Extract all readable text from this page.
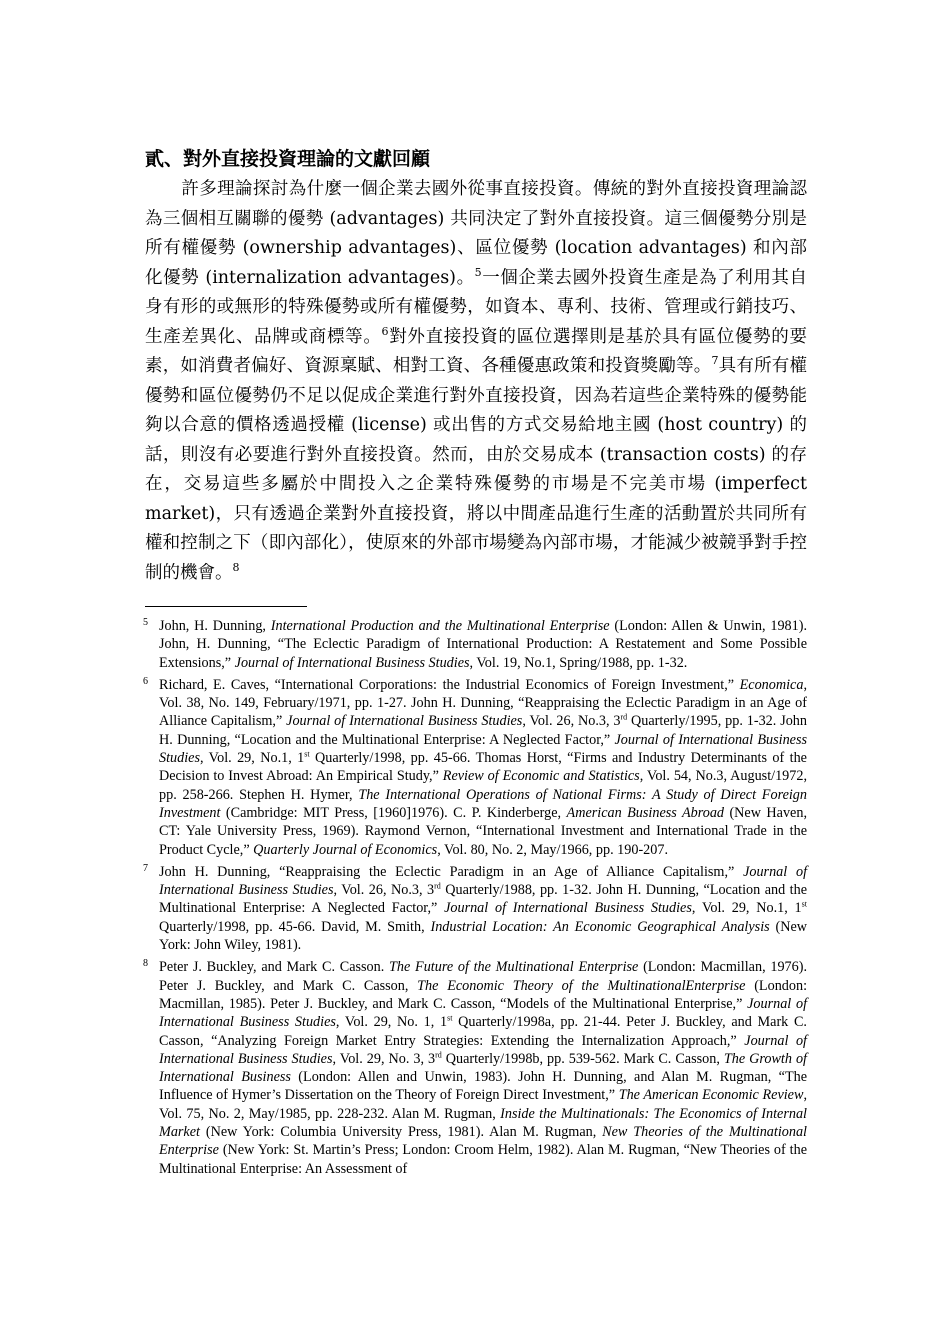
貳、對外直接投資理論的文獻回顧

許多理論探討為什麼一個企業去國外從事直接投資。傳統的對外直接投資理論認為三個相互關聯的優勢 (advantages) 共同決定了對外直接投資。這三個優勢分別是所有權優勢 (ownership advantages)、區位優勢 (location advantages) 和內部化優勢 (internalization advantages)。$^5$一個企業去國外投資生產是為了利用其自身有形的或無形的特殊優勢或所有權優勢，如資本、專利、技術、管理或行銷技巧、生產差異化、品牌或商標等。$^6$對外直接投資的區位選擇則是基於具有區位優勢的要素，如消費者偏好、資源稟賦、相對工資、各種優惠政策和投資獎勵等。$^7$具有所有權優勢和區位優勢仍不足以促成企業進行對外直接投資，因為若這些企業特殊的優勢能夠以合意的價格透過授權 (license) 或出售的方式交易給地主國 (host country) 的話，則沒有必要進行對外直接投資。然而，由於交易成本 (transaction costs) 的存在，交易這些多屬於中間投入之企業特殊優勢的市場是不完美市場 (imperfect market)，只有透過企業對外直接投資，將以中間產品進行生產的活動置於共同所有權和控制之下（即內部化），使原來的外部市場變為內部市場，才能減少被競爭對手控制的機會。$^8$

5 John, H. Dunning, International Production and the Multinational Enterprise (London: Allen & Unwin, 1981). John, H. Dunning, “The Eclectic Paradigm of International Production: A Restatement and Some Possible Extensions,” Journal of International Business Studies, Vol. 19, No.1, Spring/1988, pp. 1-32.

6 Richard, E. Caves, “International Corporations: the Industrial Economics of Foreign Investment,” Economica, Vol. 38, No. 149, February/1971, pp. 1-27. John H. Dunning, “Reappraising the Eclectic Paradigm in an Age of Alliance Capitalism,” Journal of International Business Studies, Vol. 26, No.3, 3rd Quarterly/1995, pp. 1-32. John H. Dunning, “Location and the Multinational Enterprise: A Neglected Factor,” Journal of International Business Studies, Vol. 29, No.1, 1st Quarterly/1998, pp. 45-66. Thomas Horst, “Firms and Industry Determinants of the Decision to Invest Abroad: An Empirical Study,” Review of Economic and Statistics, Vol. 54, No.3, August/1972, pp. 258-266. Stephen H. Hymer, The International Operations of National Firms: A Study of Direct Foreign Investment (Cambridge: MIT Press, [1960]1976). C. P. Kinderberge, American Business Abroad (New Haven, CT: Yale University Press, 1969). Raymond Vernon, “International Investment and International Trade in the Product Cycle,” Quarterly Journal of Economics, Vol. 80, No. 2, May/1966, pp. 190-207.

7 John H. Dunning, “Reappraising the Eclectic Paradigm in an Age of Alliance Capitalism,” Journal of International Business Studies, Vol. 26, No.3, 3rd Quarterly/1988, pp. 1-32. John H. Dunning, “Location and the Multinational Enterprise: A Neglected Factor,” Journal of International Business Studies, Vol. 29, No.1, 1st Quarterly/1998, pp. 45-66. David, M. Smith, Industrial Location: An Economic Geographical Analysis (New York: John Wiley, 1981).

8 Peter J. Buckley, and Mark C. Casson. The Future of the Multinational Enterprise (London: Macmillan, 1976). Peter J. Buckley, and Mark C. Casson, The Economic Theory of the MultinationalEnterprise (London: Macmillan, 1985). Peter J. Buckley, and Mark C. Casson, “Models of the Multinational Enterprise,” Journal of International Business Studies, Vol. 29, No. 1, 1st Quarterly/1998a, pp. 21-44. Peter J. Buckley, and Mark C. Casson, “Analyzing Foreign Market Entry Strategies: Extending the Internalization Approach,” Journal of International Business Studies, Vol. 29, No. 3, 3rd Quarterly/1998b, pp. 539-562. Mark C. Casson, The Growth of International Business (London: Allen and Unwin, 1983). John H. Dunning, and Alan M. Rugman, “The Influence of Hymer’s Dissertation on the Theory of Foreign Direct Investment,” The American Economic Review, Vol. 75, No. 2, May/1985, pp. 228-232. Alan M. Rugman, Inside the Multinationals: The Economics of Internal Market (New York: Columbia University Press, 1981). Alan M. Rugman, New Theories of the Multinational Enterprise (New York: St. Martin’s Press; London: Croom Helm, 1982). Alan M. Rugman, “New Theories of the Multinational Enterprise: An Assessment of
